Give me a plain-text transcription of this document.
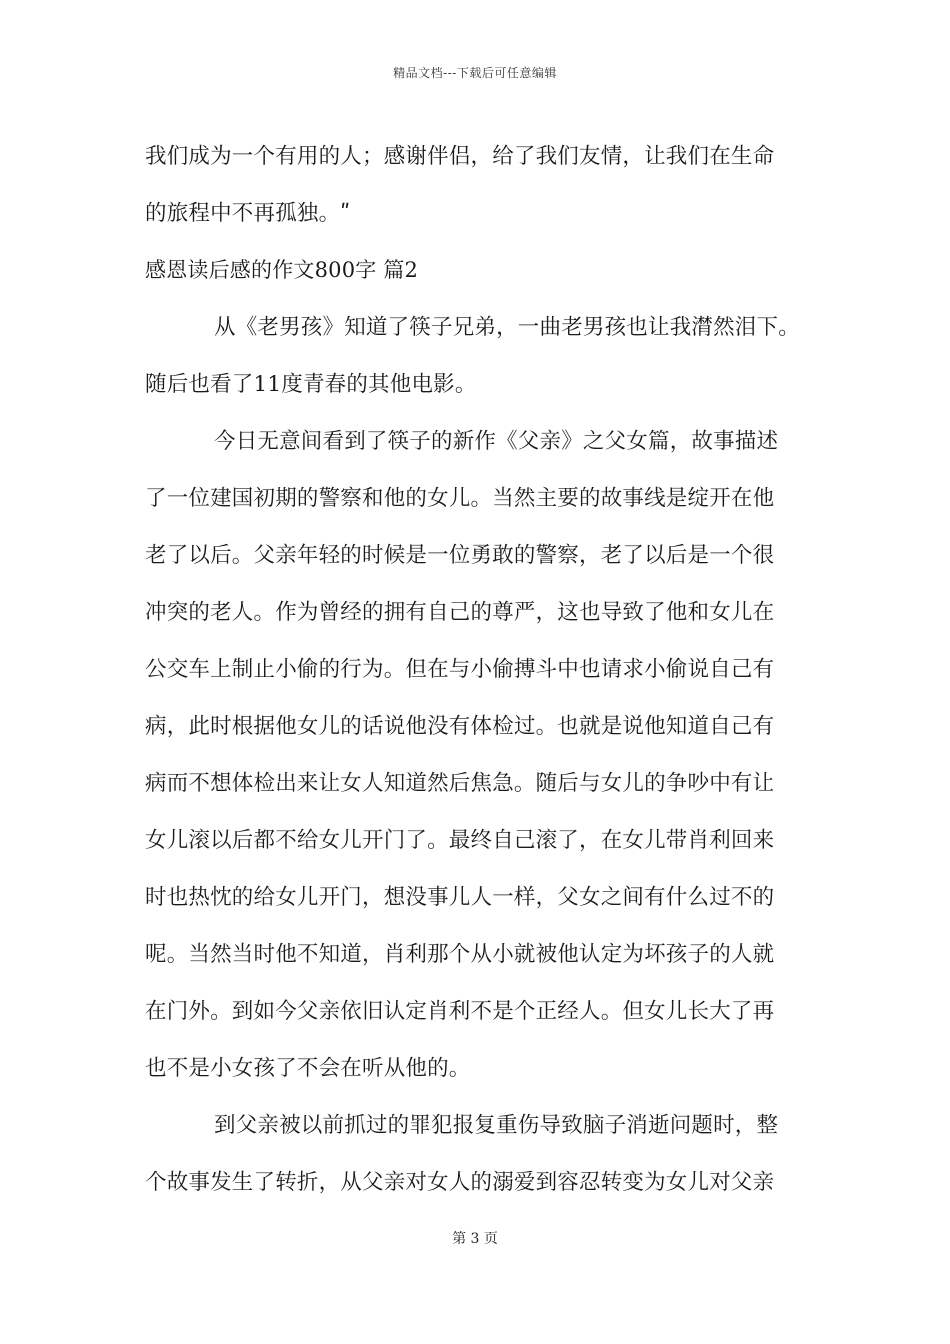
精品文档---下载后可任意编辑
我们成为一个有用的人；感谢伴侣，给了我们友情，让我们在生命
的旅程中不再孤独。ʺ
感恩读后感的作文800字 篇2
从《老男孩》知道了筷子兄弟，一曲老男孩也让我潸然泪下。
随后也看了11度青春的其他电影。
今日无意间看到了筷子的新作《父亲》之父女篇，故事描述
了一位建国初期的警察和他的女儿。当然主要的故事线是绽开在他
老了以后。父亲年轻的时候是一位勇敢的警察，老了以后是一个很
冲突的老人。作为曾经的拥有自己的尊严，这也导致了他和女儿在
公交车上制止小偷的行为。但在与小偷搏斗中也请求小偷说自己有
病，此时根据他女儿的话说他没有体检过。也就是说他知道自己有
病而不想体检出来让女人知道然后焦急。随后与女儿的争吵中有让
女儿滚以后都不给女儿开门了。最终自己滚了，在女儿带肖利回来
时也热忱的给女儿开门，想没事儿人一样，父女之间有什么过不的
呢。当然当时他不知道，肖利那个从小就被他认定为坏孩子的人就
在门外。到如今父亲依旧认定肖利不是个正经人。但女儿长大了再
也不是小女孩了不会在听从他的。
到父亲被以前抓过的罪犯报复重伤导致脑子消逝问题时，整
个故事发生了转折，从父亲对女人的溺爱到容忍转变为女儿对父亲
第 3 页
